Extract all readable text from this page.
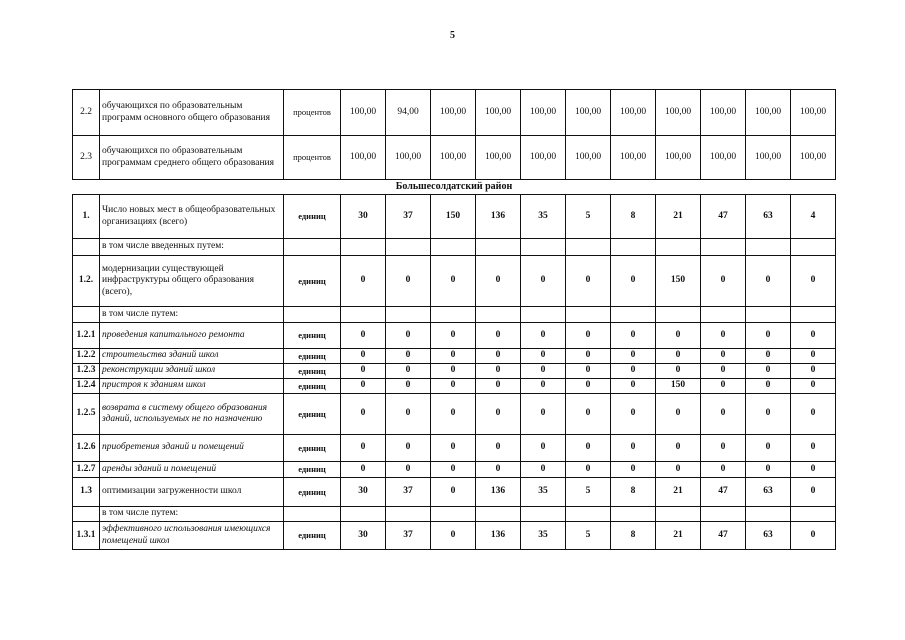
5
2.2	обучающихся по образовательным программ основного общего образования	процентов	100,00	94,00	100,00	100,00	100,00	100,00	100,00	100,00	100,00	100,00	100,00
2.3	обучающихся по образовательным программам среднего общего образования	процентов	100,00	100,00	100,00	100,00	100,00	100,00	100,00	100,00	100,00	100,00	100,00
Большесолдатский район
1.	Число новых мест в общеобразовательных организациях (всего)	единиц	30	37	150	136	35	5	8	21	47	63	4
	в том числе введенных путем:												
1.2.	модернизации существующей инфраструктуры общего образования (всего),	единиц	0	0	0	0	0	0	0	150	0	0	0
	в том числе путем:												
1.2.1	проведения капитального ремонта	единиц	0	0	0	0	0	0	0	0	0	0	0
1.2.2	строительства зданий школ	единиц	0	0	0	0	0	0	0	0	0	0	0
1.2.3	реконструкции зданий школ	единиц	0	0	0	0	0	0	0	0	0	0	0
1.2.4	пристроя к зданиям школ	единиц	0	0	0	0	0	0	0	150	0	0	0
1.2.5	возврата в систему общего образования зданий, используемых не по назначению	единиц	0	0	0	0	0	0	0	0	0	0	0
1.2.6	приобретения зданий и помещений	единиц	0	0	0	0	0	0	0	0	0	0	0
1.2.7	аренды зданий и помещений	единиц	0	0	0	0	0	0	0	0	0	0	0
1.3	оптимизации загруженности школ	единиц	30	37	0	136	35	5	8	21	47	63	0
	в том числе путем:												
1.3.1	эффективного использования имеющихся помещений школ	единиц	30	37	0	136	35	5	8	21	47	63	0
